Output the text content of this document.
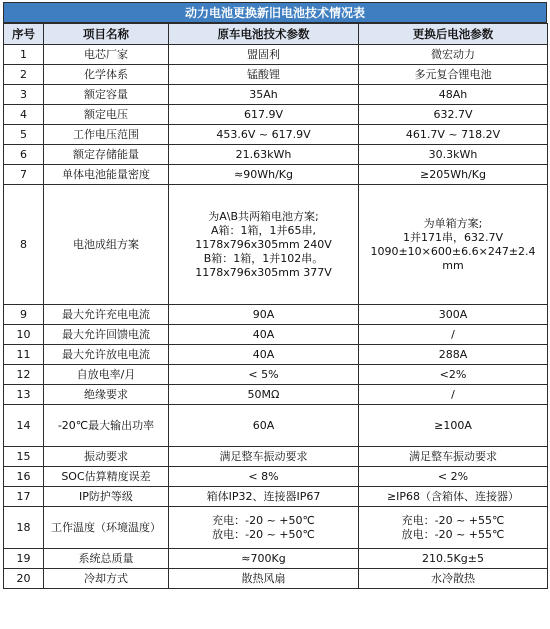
动力电池更换新旧电池技术情况表
序号	项目名称	原车电池技术参数	更换后电池参数
1	电芯厂家	盟固利	微宏动力

2	化学体系	锰酸锂	多元复合锂电池

3	额定容量	35Ah	48Ah

4	额定电压	617.9V	632.7V

5	工作电压范围	453.6V ~ 617.9V	461.7V ~ 718.2V

6	额定存储能量	21.63kWh	30.3kWh

7	单体电池能量密度	≈90Wh/Kg	≥205Wh/Kg

8	电池成组方案	为A\B共两箱电池方案;
A箱：1箱，1并65串,
1178x796x305mm 240V
B箱：1箱，1并102串。
1178x796x305mm 377V	为单箱方案;
1并171串，632.7V
1090±10×600±6.6×247±2.4
mm

9	最大允许充电电流	90A	300A

10	最大允许回馈电流	40A	/

11	最大允许放电电流	40A	288A

12	自放电率/月	< 5%	<2%

13	绝缘要求	50MΩ	/

14	-20℃最大输出功率	60A	≥100A

15	振动要求	满足整车振动要求	满足整车振动要求

16	SOC估算精度误差	< 8%	< 2%

17	IP防护等级	箱体IP32、连接器IP67	≥IP68（含箱体、连接器）

18	工作温度（环境温度）	充电：-20 ~ +50℃
放电：-20 ~ +50℃	充电：-20 ~ +55℃
放电：-20 ~ +55℃

19	系统总质量	≈700Kg	210.5Kg±5

20	冷却方式	散热风扇	水冷散热
